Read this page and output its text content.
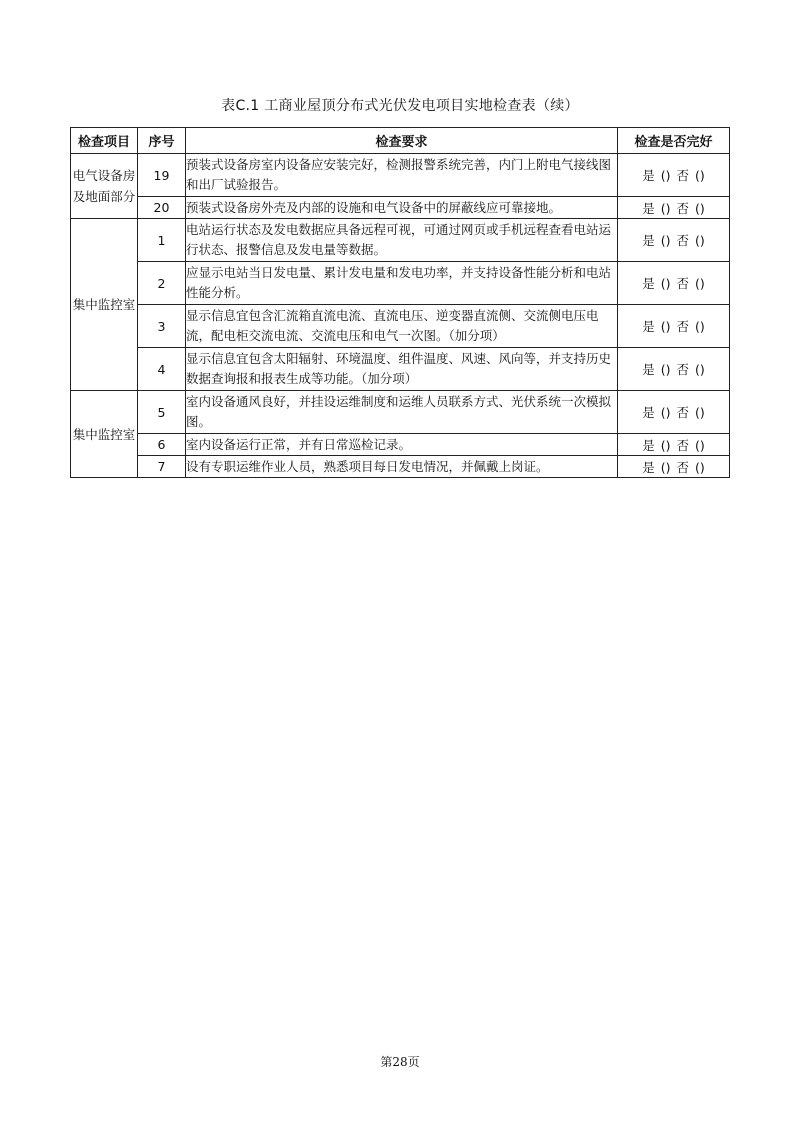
表C.1 工商业屋顶分布式光伏发电项目实地检查表（续）
检查项目	序号	检查要求	检查是否完好
电气设备房及地面部分	19	预装式设备房室内设备应安装完好，检测报警系统完善，内门上附电气接线图和出厂试验报告。	是 () 否 ()
	20	预装式设备房外壳及内部的设施和电气设备中的屏蔽线应可靠接地。	是 () 否 ()
集中监控室	1	电站运行状态及发电数据应具备远程可视，可通过网页或手机远程查看电站运行状态、报警信息及发电量等数据。	是 () 否 ()
	2	应显示电站当日发电量、累计发电量和发电功率，并支持设备性能分析和电站性能分析。	是 () 否 ()
	3	显示信息宜包含汇流箱直流电流、直流电压、逆变器直流侧、交流侧电压电流，配电柜交流电流、交流电压和电气一次图。（加分项）	是 () 否 ()
	4	显示信息宜包含太阳辐射、环境温度、组件温度、风速、风向等，并支持历史数据查询报和报表生成等功能。（加分项）	是 () 否 ()
集中监控室	5	室内设备通风良好，并挂设运维制度和运维人员联系方式、光伏系统一次模拟图。	是 () 否 ()
	6	室内设备运行正常，并有日常巡检记录。	是 () 否 ()
	7	设有专职运维作业人员，熟悉项目每日发电情况，并佩戴上岗证。	是 () 否 ()
第28页
